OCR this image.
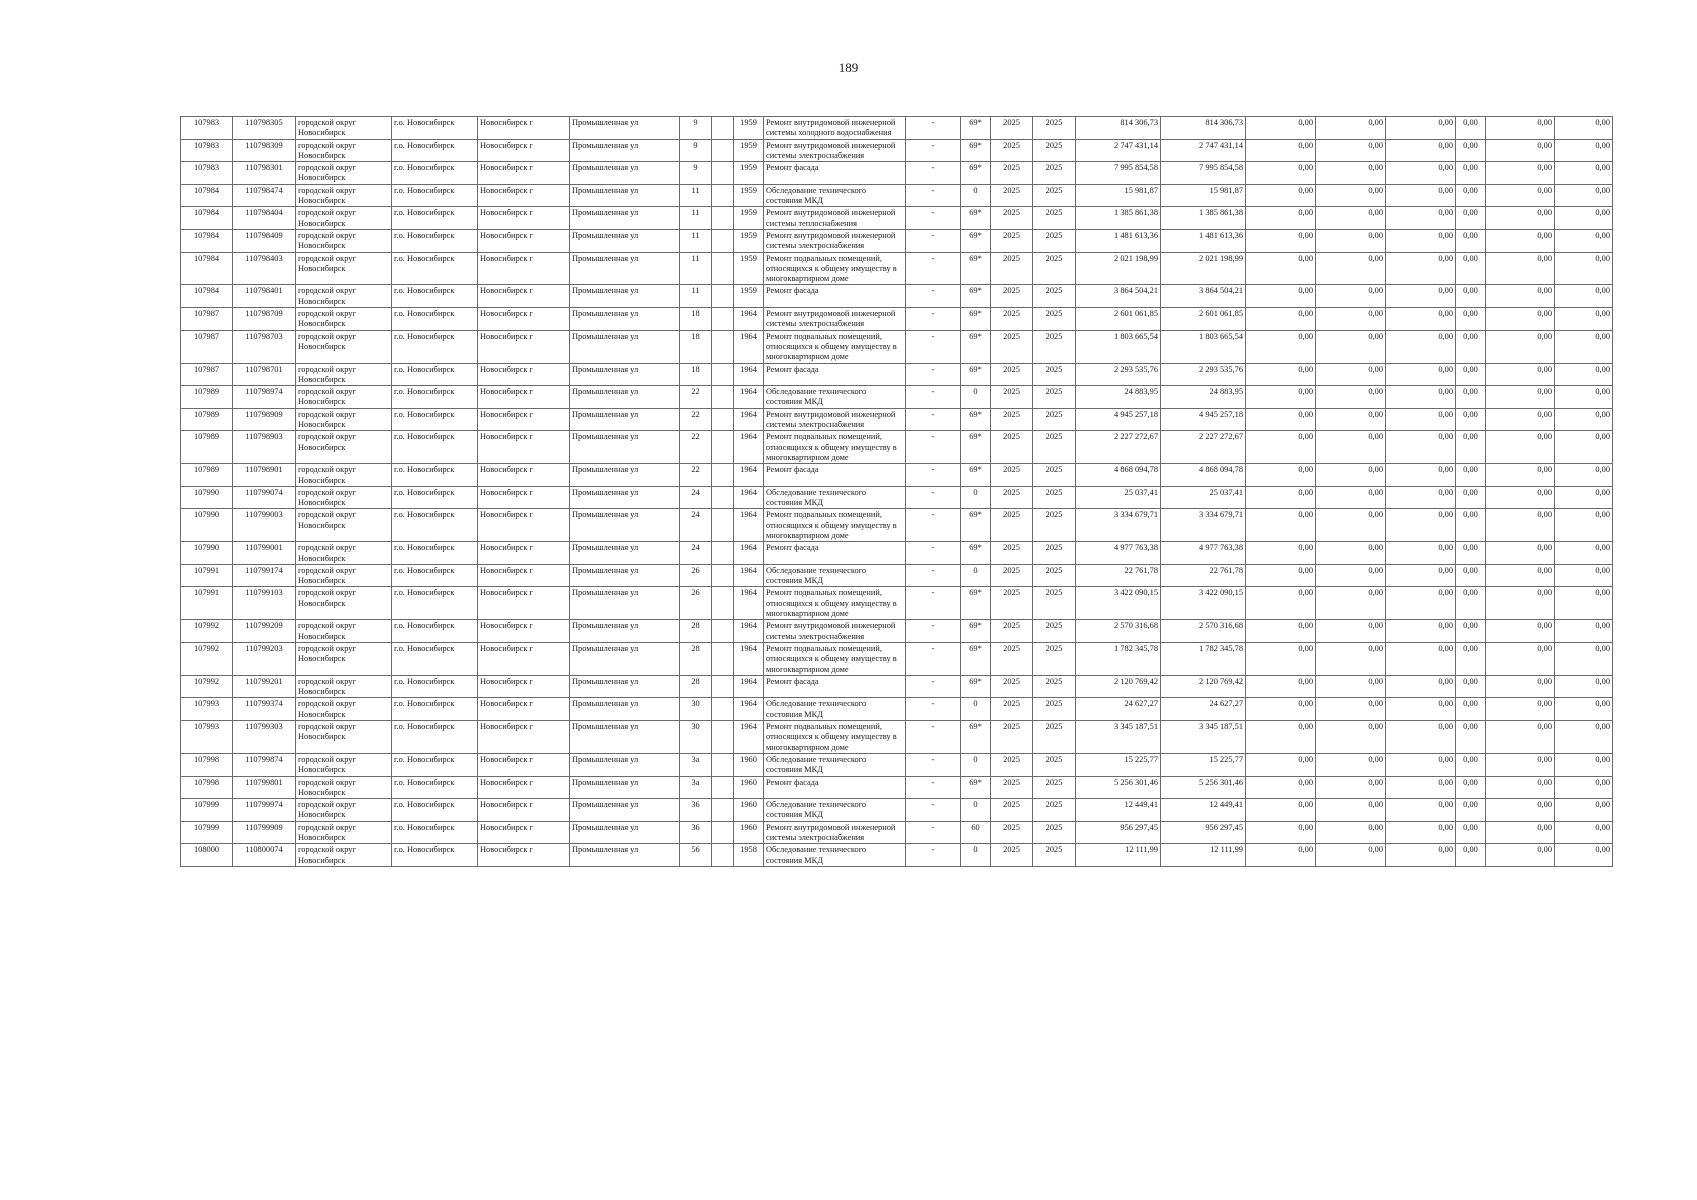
189
107983	110798305	городской округ Новосибирск	г.о. Новосибирск	Новосибирск г	Промышленная ул	9		1959	Ремонт внутридомовой инженерной системы холодного водоснабжения	-	69*	2025	2025	814 306,73	814 306,73	0,00	0,00	0,00	0,00	0,00	0,00
107983	110798309	городской округ Новосибирск	г.о. Новосибирск	Новосибирск г	Промышленная ул	9		1959	Ремонт внутридомовой инженерной системы электроснабжения	-	69*	2025	2025	2 747 431,14	2 747 431,14	0,00	0,00	0,00	0,00	0,00	0,00
107983	110798301	городской округ Новосибирск	г.о. Новосибирск	Новосибирск г	Промышленная ул	9		1959	Ремонт фасада	-	69*	2025	2025	7 995 854,58	7 995 854,58	0,00	0,00	0,00	0,00	0,00	0,00
107984	110798474	городской округ Новосибирск	г.о. Новосибирск	Новосибирск г	Промышленная ул	11		1959	Обследование технического состояния МКД	-	0	2025	2025	15 981,87	15 981,87	0,00	0,00	0,00	0,00	0,00	0,00
107984	110798404	городской округ Новосибирск	г.о. Новосибирск	Новосибирск г	Промышленная ул	11		1959	Ремонт внутридомовой инженерной системы теплоснабжения	-	69*	2025	2025	1 385 861,38	1 385 861,38	0,00	0,00	0,00	0,00	0,00	0,00
107984	110798409	городской округ Новосибирск	г.о. Новосибирск	Новосибирск г	Промышленная ул	11		1959	Ремонт внутридомовой инженерной системы электроснабжения	-	69*	2025	2025	1 481 613,36	1 481 613,36	0,00	0,00	0,00	0,00	0,00	0,00
107984	110798403	городской округ Новосибирск	г.о. Новосибирск	Новосибирск г	Промышленная ул	11		1959	Ремонт подвальных помещений, относящихся к общему имуществу в многоквартирном доме	-	69*	2025	2025	2 021 198,99	2 021 198,99	0,00	0,00	0,00	0,00	0,00	0,00
107984	110798401	городской округ Новосибирск	г.о. Новосибирск	Новосибирск г	Промышленная ул	11		1959	Ремонт фасада	-	69*	2025	2025	3 864 504,21	3 864 504,21	0,00	0,00	0,00	0,00	0,00	0,00
107987	110798709	городской округ Новосибирск	г.о. Новосибирск	Новосибирск г	Промышленная ул	18		1964	Ремонт внутридомовой инженерной системы электроснабжения	-	69*	2025	2025	2 601 061,85	2 601 061,85	0,00	0,00	0,00	0,00	0,00	0,00
107987	110798703	городской округ Новосибирск	г.о. Новосибирск	Новосибирск г	Промышленная ул	18		1964	Ремонт подвальных помещений, относящихся к общему имуществу в многоквартирном доме	-	69*	2025	2025	1 803 665,54	1 803 665,54	0,00	0,00	0,00	0,00	0,00	0,00
107987	110798701	городской округ Новосибирск	г.о. Новосибирск	Новосибирск г	Промышленная ул	18		1964	Ремонт фасада	-	69*	2025	2025	2 293 535,76	2 293 535,76	0,00	0,00	0,00	0,00	0,00	0,00
107989	110798974	городской округ Новосибирск	г.о. Новосибирск	Новосибирск г	Промышленная ул	22		1964	Обследование технического состояния МКД	-	0	2025	2025	24 883,95	24 883,95	0,00	0,00	0,00	0,00	0,00	0,00
107989	110798909	городской округ Новосибирск	г.о. Новосибирск	Новосибирск г	Промышленная ул	22		1964	Ремонт внутридомовой инженерной системы электроснабжения	-	69*	2025	2025	4 945 257,18	4 945 257,18	0,00	0,00	0,00	0,00	0,00	0,00
107989	110798903	городской округ Новосибирск	г.о. Новосибирск	Новосибирск г	Промышленная ул	22		1964	Ремонт подвальных помещений, относящихся к общему имуществу в многоквартирном доме	-	69*	2025	2025	2 227 272,67	2 227 272,67	0,00	0,00	0,00	0,00	0,00	0,00
107989	110798901	городской округ Новосибирск	г.о. Новосибирск	Новосибирск г	Промышленная ул	22		1964	Ремонт фасада	-	69*	2025	2025	4 868 094,78	4 868 094,78	0,00	0,00	0,00	0,00	0,00	0,00
107990	110799074	городской округ Новосибирск	г.о. Новосибирск	Новосибирск г	Промышленная ул	24		1964	Обследование технического состояния МКД	-	0	2025	2025	25 037,41	25 037,41	0,00	0,00	0,00	0,00	0,00	0,00
107990	110799003	городской округ Новосибирск	г.о. Новосибирск	Новосибирск г	Промышленная ул	24		1964	Ремонт подвальных помещений, относящихся к общему имуществу в многоквартирном доме	-	69*	2025	2025	3 334 679,71	3 334 679,71	0,00	0,00	0,00	0,00	0,00	0,00
107990	110799001	городской округ Новосибирск	г.о. Новосибирск	Новосибирск г	Промышленная ул	24		1964	Ремонт фасада	-	69*	2025	2025	4 977 763,38	4 977 763,38	0,00	0,00	0,00	0,00	0,00	0,00
107991	110799174	городской округ Новосибирск	г.о. Новосибирск	Новосибирск г	Промышленная ул	26		1964	Обследование технического состояния МКД	-	0	2025	2025	22 761,78	22 761,78	0,00	0,00	0,00	0,00	0,00	0,00
107991	110799103	городской округ Новосибирск	г.о. Новосибирск	Новосибирск г	Промышленная ул	26		1964	Ремонт подвальных помещений, относящихся к общему имуществу в многоквартирном доме	-	69*	2025	2025	3 422 090,15	3 422 090,15	0,00	0,00	0,00	0,00	0,00	0,00
107992	110799209	городской округ Новосибирск	г.о. Новосибирск	Новосибирск г	Промышленная ул	28		1964	Ремонт внутридомовой инженерной системы электроснабжения	-	69*	2025	2025	2 570 316,68	2 570 316,68	0,00	0,00	0,00	0,00	0,00	0,00
107992	110799203	городской округ Новосибирск	г.о. Новосибирск	Новосибирск г	Промышленная ул	28		1964	Ремонт подвальных помещений, относящихся к общему имуществу в многоквартирном доме	-	69*	2025	2025	1 782 345,78	1 782 345,78	0,00	0,00	0,00	0,00	0,00	0,00
107992	110799201	городской округ Новосибирск	г.о. Новосибирск	Новосибирск г	Промышленная ул	28		1964	Ремонт фасада	-	69*	2025	2025	2 120 769,42	2 120 769,42	0,00	0,00	0,00	0,00	0,00	0,00
107993	110799374	городской округ Новосибирск	г.о. Новосибирск	Новосибирск г	Промышленная ул	30		1964	Обследование технического состояния МКД	-	0	2025	2025	24 627,27	24 627,27	0,00	0,00	0,00	0,00	0,00	0,00
107993	110799303	городской округ Новосибирск	г.о. Новосибирск	Новосибирск г	Промышленная ул	30		1964	Ремонт подвальных помещений, относящихся к общему имуществу в многоквартирном доме	-	69*	2025	2025	3 345 187,51	3 345 187,51	0,00	0,00	0,00	0,00	0,00	0,00
107998	110799874	городской округ Новосибирск	г.о. Новосибирск	Новосибирск г	Промышленная ул	3а		1960	Обследование технического состояния МКД	-	0	2025	2025	15 225,77	15 225,77	0,00	0,00	0,00	0,00	0,00	0,00
107998	110799801	городской округ Новосибирск	г.о. Новосибирск	Новосибирск г	Промышленная ул	3а		1960	Ремонт фасада	-	69*	2025	2025	5 256 301,46	5 256 301,46	0,00	0,00	0,00	0,00	0,00	0,00
107999	110799974	городской округ Новосибирск	г.о. Новосибирск	Новосибирск г	Промышленная ул	36		1960	Обследование технического состояния МКД	-	0	2025	2025	12 449,41	12 449,41	0,00	0,00	0,00	0,00	0,00	0,00
107999	110799909	городской округ Новосибирск	г.о. Новосибирск	Новосибирск г	Промышленная ул	36		1960	Ремонт внутридомовой инженерной системы электроснабжения	-	60	2025	2025	956 297,45	956 297,45	0,00	0,00	0,00	0,00	0,00	0,00
108000	110800074	городской округ Новосибирск	г.о. Новосибирск	Новосибирск г	Промышленная ул	56		1958	Обследование технического состояния МКД	-	0	2025	2025	12 111,99	12 111,99	0,00	0,00	0,00	0,00	0,00	0,00
